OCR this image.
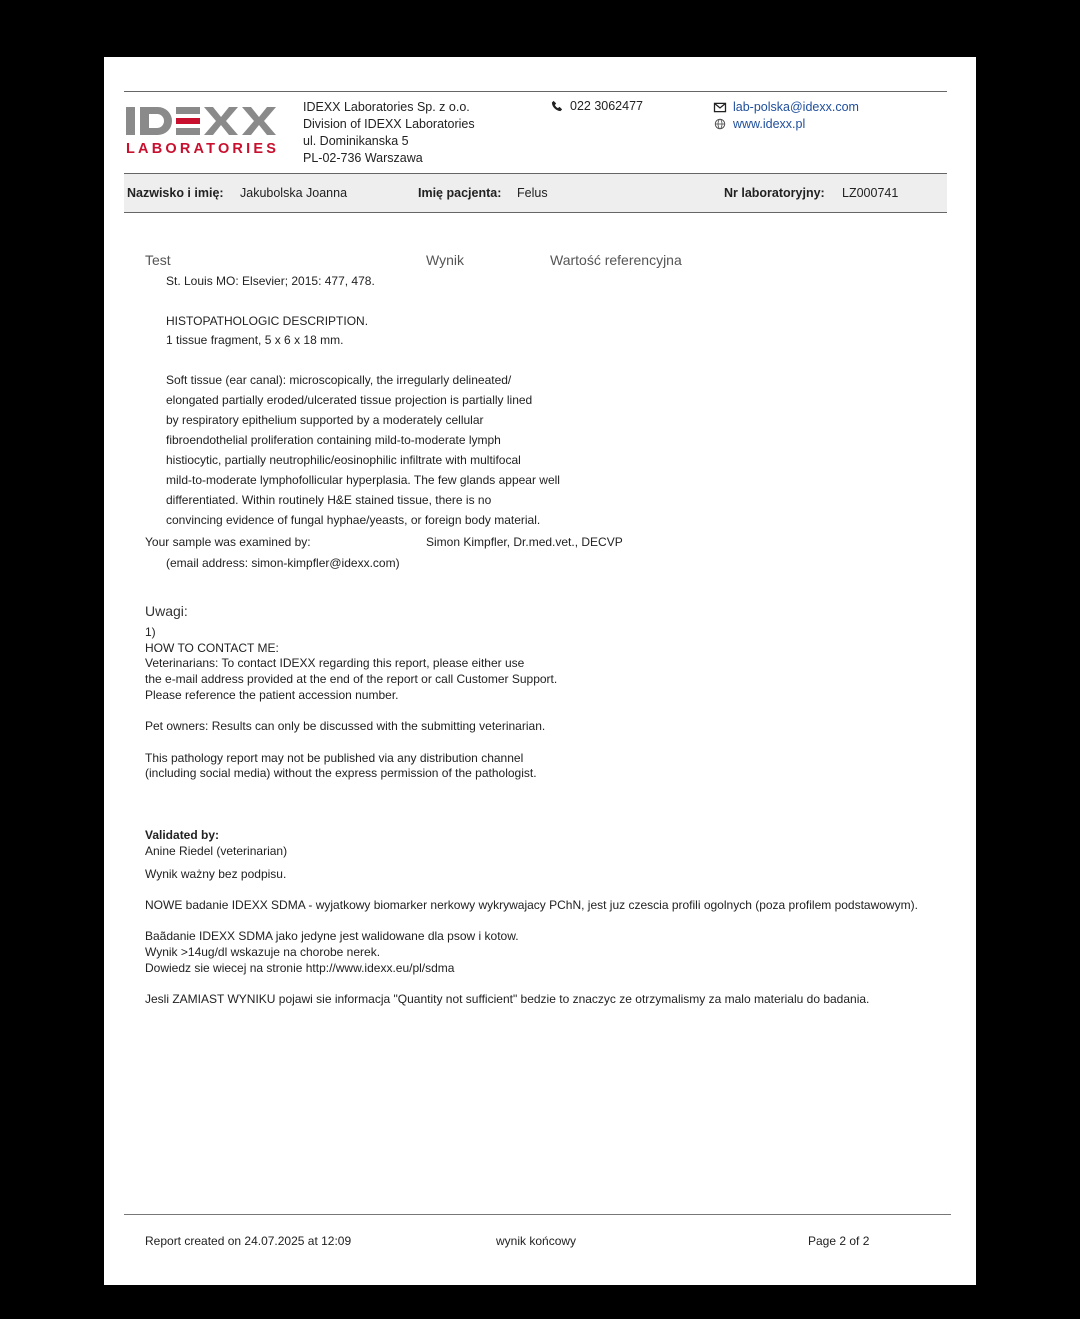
LABORATORIES
IDEXX Laboratories Sp. z o.o.
Division of IDEXX Laboratories
ul. Dominikanska 5
PL-02-736 Warszawa
022 3062477	lab-polska@idexx.com
www.idexx.pl
Nazwisko i imię: Jakubolska Joanna	Imię pacjenta: Felus	Nr laboratoryjny: LZ000741
Test	Wynik	Wartość referencyjna
St. Louis MO: Elsevier; 2015: 477, 478.
HISTOPATHOLOGIC DESCRIPTION.
1 tissue fragment, 5 x 6 x 18 mm.
Soft tissue (ear canal): microscopically, the irregularly delineated/
elongated partially eroded/ulcerated tissue projection is partially lined
by respiratory epithelium supported by a moderately cellular
fibroendothelial proliferation containing mild-to-moderate lymph
histiocytic, partially neutrophilic/eosinophilic infiltrate with multifocal
mild-to-moderate lymphofollicular hyperplasia. The few glands appear well
differentiated. Within routinely H&E stained tissue, there is no
convincing evidence of fungal hyphae/yeasts, or foreign body material.
Your sample was examined by:	Simon Kimpfler, Dr.med.vet., DECVP
(email address: simon-kimpfler@idexx.com)
Uwagi:
1)
HOW TO CONTACT ME:
Veterinarians: To contact IDEXX regarding this report, please either use
the e-mail address provided at the end of the report or call Customer Support.
Please reference the patient accession number.
Pet owners: Results can only be discussed with the submitting veterinarian.
This pathology report may not be published via any distribution channel
(including social media) without the express permission of the pathologist.
Validated by:
Anine Riedel (veterinarian)
Wynik ważny bez podpisu.
NOWE badanie IDEXX SDMA - wyjatkowy biomarker nerkowy wykrywajacy PChN, jest juz czescia profili ogolnych (poza profilem podstawowym).
Baãdanie IDEXX SDMA jako jedyne jest walidowane dla psow i kotow.
Wynik >14ug/dl wskazuje na chorobe nerek.
Dowiedz sie wiecej na stronie http://www.idexx.eu/pl/sdma
Jesli ZAMIAST WYNIKU pojawi sie informacja "Quantity not sufficient" bedzie to znaczyc ze otrzymalismy za malo materialu do badania.
Report created on 24.07.2025 at 12:09	wynik końcowy	Page 2 of 2
